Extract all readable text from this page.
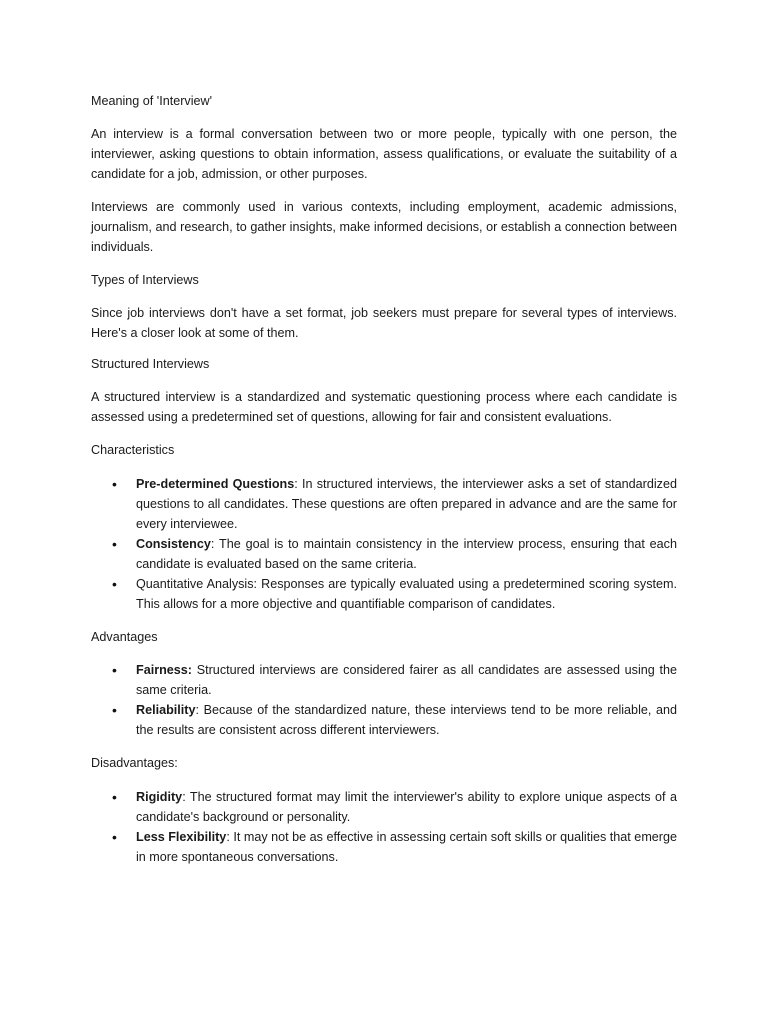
Meaning of 'Interview'

An interview is a formal conversation between two or more people, typically with one person, the interviewer, asking questions to obtain information, assess qualifications, or evaluate the suitability of a candidate for a job, admission, or other purposes.

Interviews are commonly used in various contexts, including employment, academic admissions, journalism, and research, to gather insights, make informed decisions, or establish a connection between individuals.

Types of Interviews

Since job interviews don't have a set format, job seekers must prepare for several types of interviews. Here's a closer look at some of them.

Structured Interviews

A structured interview is a standardized and systematic questioning process where each candidate is assessed using a predetermined set of questions, allowing for fair and consistent evaluations.

Characteristics

• Pre-determined Questions: In structured interviews, the interviewer asks a set of standardized questions to all candidates. These questions are often prepared in advance and are the same for every interviewee.
• Consistency: The goal is to maintain consistency in the interview process, ensuring that each candidate is evaluated based on the same criteria.
• Quantitative Analysis: Responses are typically evaluated using a predetermined scoring system. This allows for a more objective and quantifiable comparison of candidates.

Advantages

• Fairness: Structured interviews are considered fairer as all candidates are assessed using the same criteria.
• Reliability: Because of the standardized nature, these interviews tend to be more reliable, and the results are consistent across different interviewers.

Disadvantages:

• Rigidity: The structured format may limit the interviewer's ability to explore unique aspects of a candidate's background or personality.
• Less Flexibility: It may not be as effective in assessing certain soft skills or qualities that emerge in more spontaneous conversations.
